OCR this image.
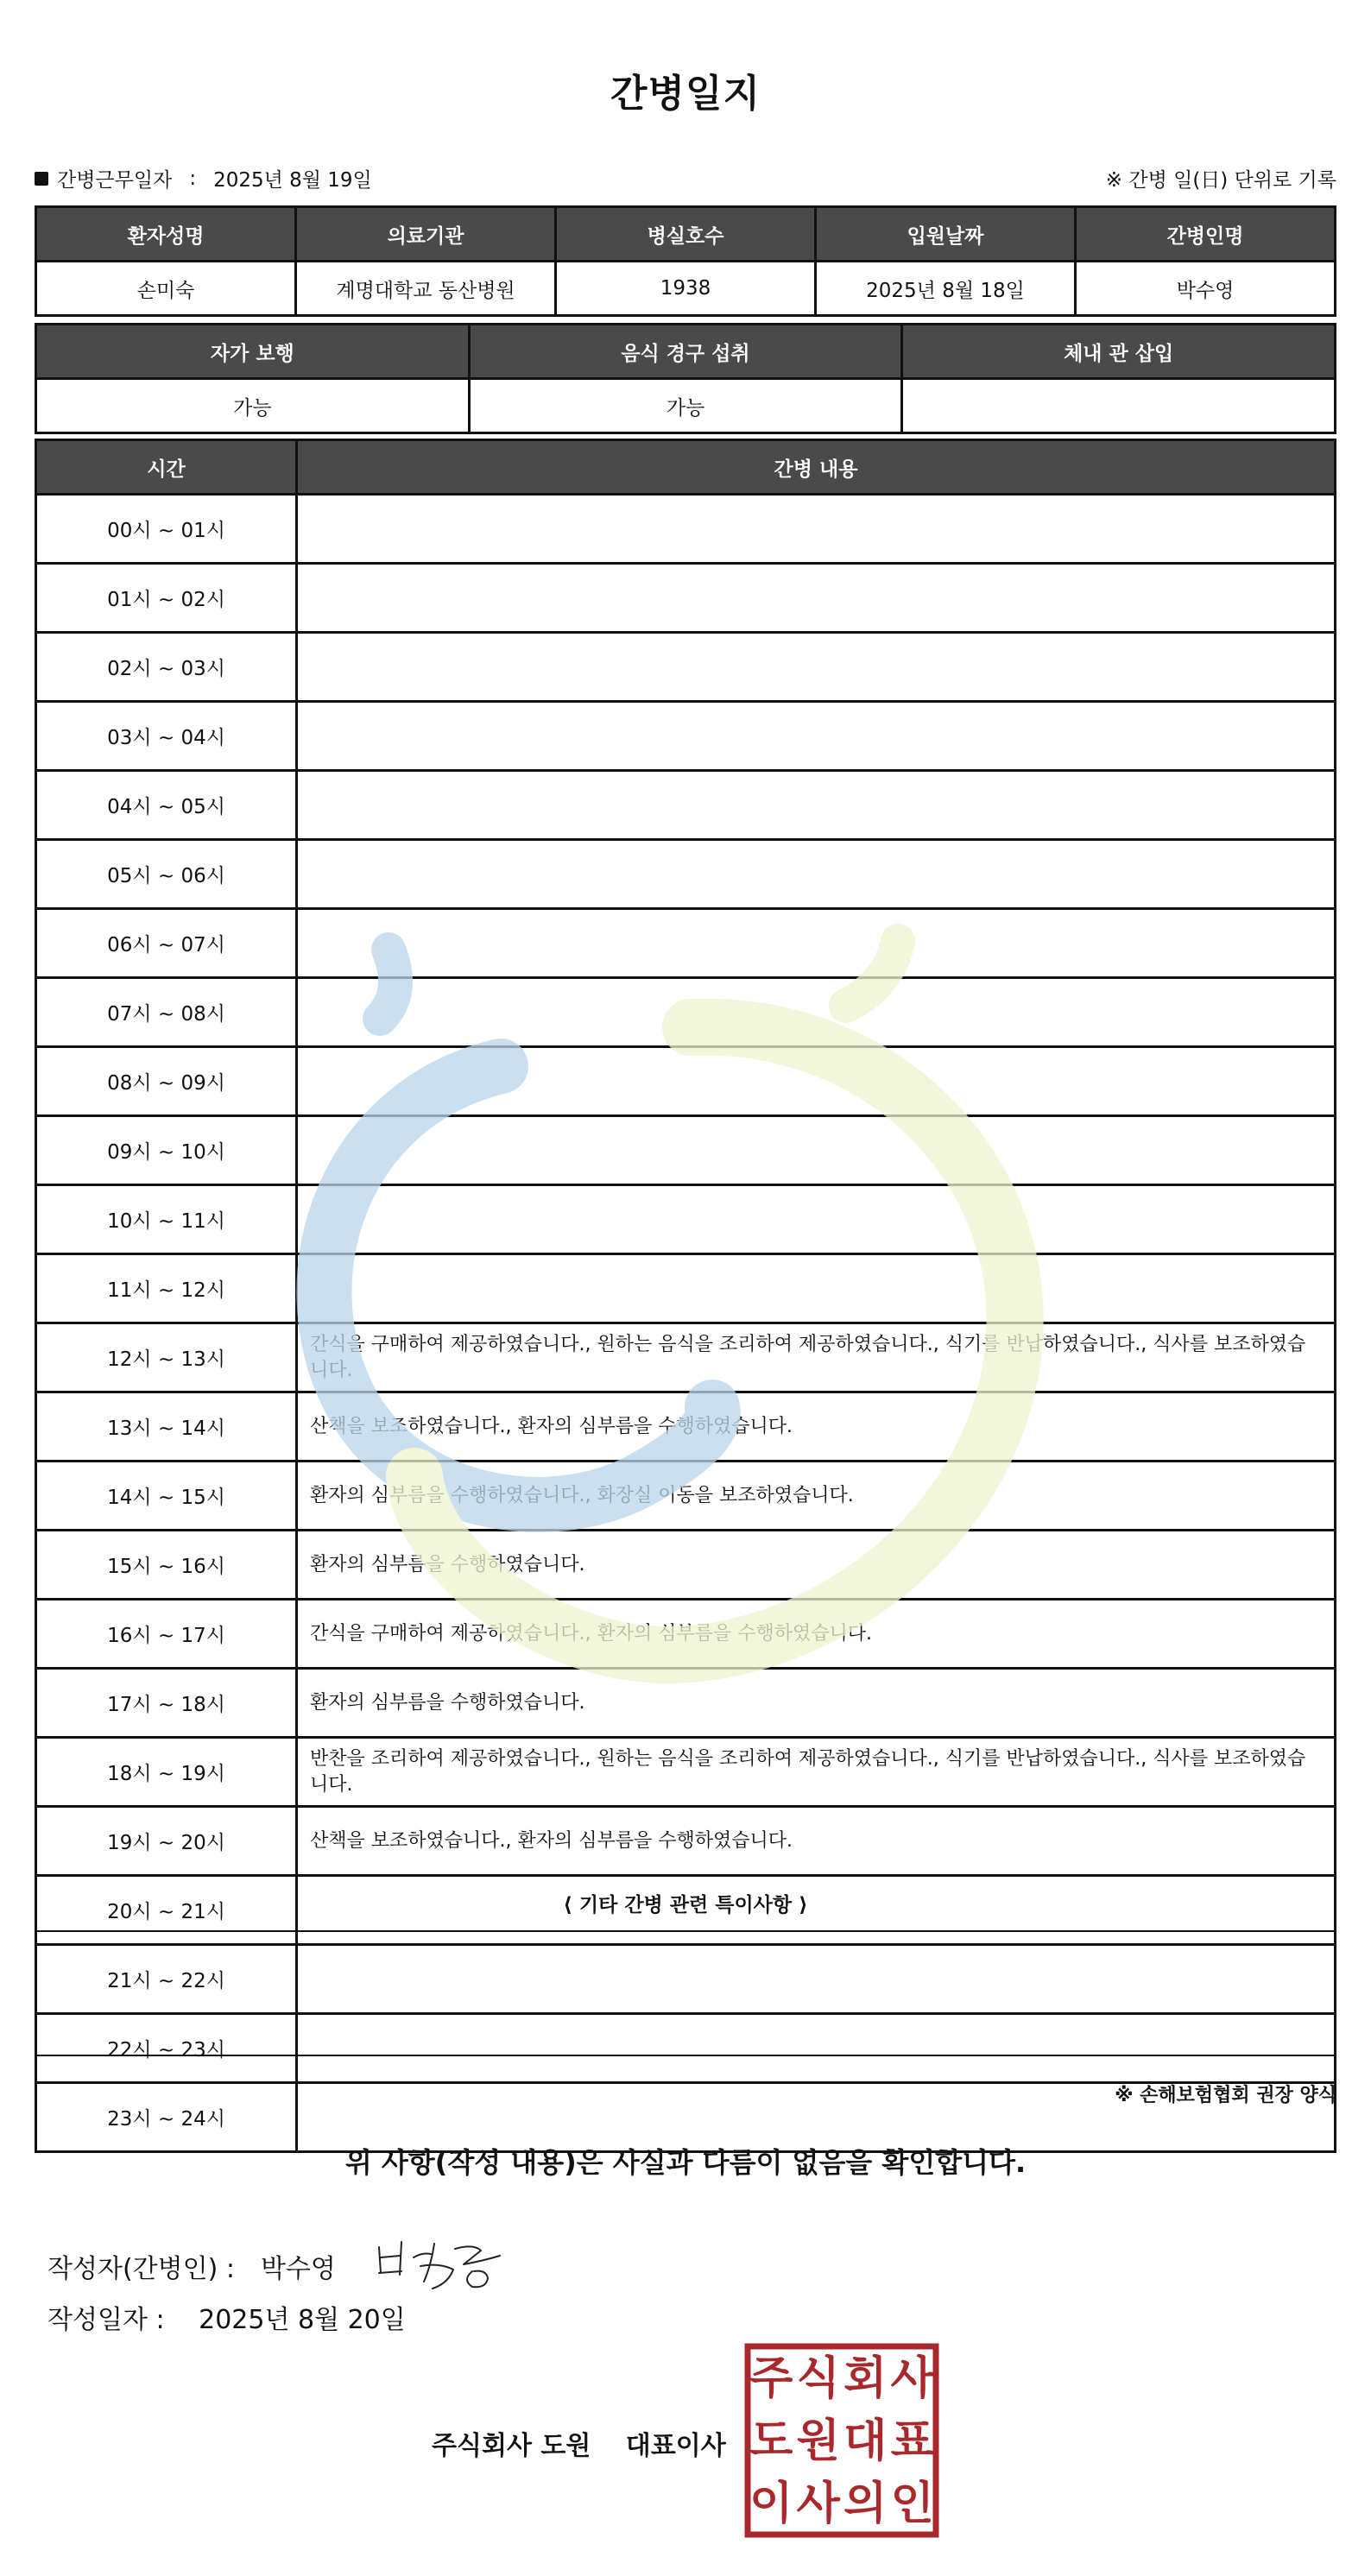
간병일지
간병근무일자 : 2025년 8월 19일	※ 간병 일(日) 단위로 기록
환자성명	의료기관	병실호수	입원날짜	간병인명
손미숙	계명대학교 동산병원	1938	2025년 8월 18일	박수영
자가 보행	음식 경구 섭취	체내 관 삽입
가능	가능	
시간	간병 내용
00시 ~ 01시	
01시 ~ 02시	
02시 ~ 03시	
03시 ~ 04시	
04시 ~ 05시	
05시 ~ 06시	
06시 ~ 07시	
07시 ~ 08시	
08시 ~ 09시	
09시 ~ 10시	
10시 ~ 11시	
11시 ~ 12시	
12시 ~ 13시	간식을 구매하여 제공하였습니다., 원하는 음식을 조리하여 제공하였습니다., 식기를 반납하였습니다., 식사를 보조하였습니다.
13시 ~ 14시	산책을 보조하였습니다., 환자의 심부름을 수행하였습니다.
14시 ~ 15시	환자의 심부름을 수행하였습니다., 화장실 이동을 보조하였습니다.
15시 ~ 16시	환자의 심부름을 수행하였습니다.
16시 ~ 17시	간식을 구매하여 제공하였습니다., 환자의 심부름을 수행하였습니다.
17시 ~ 18시	환자의 심부름을 수행하였습니다.
18시 ~ 19시	반찬을 조리하여 제공하였습니다., 원하는 음식을 조리하여 제공하였습니다., 식기를 반납하였습니다., 식사를 보조하였습니다.
19시 ~ 20시	산책을 보조하였습니다., 환자의 심부름을 수행하였습니다.
20시 ~ 21시	
21시 ~ 22시	
22시 ~ 23시	
23시 ~ 24시	
⟨ 기타 간병 관련 특이사항 ⟩
※ 손해보험협회 권장 양식
위 사항(작성 내용)은 사실과 다름이 없음을 확인합니다.
작성자(간병인) : 박수영
작성일자 : 2025년 8월 20일
주식회사 도원 대표이사
주 식 회 사
도 원 대 표
이 사 의 인
